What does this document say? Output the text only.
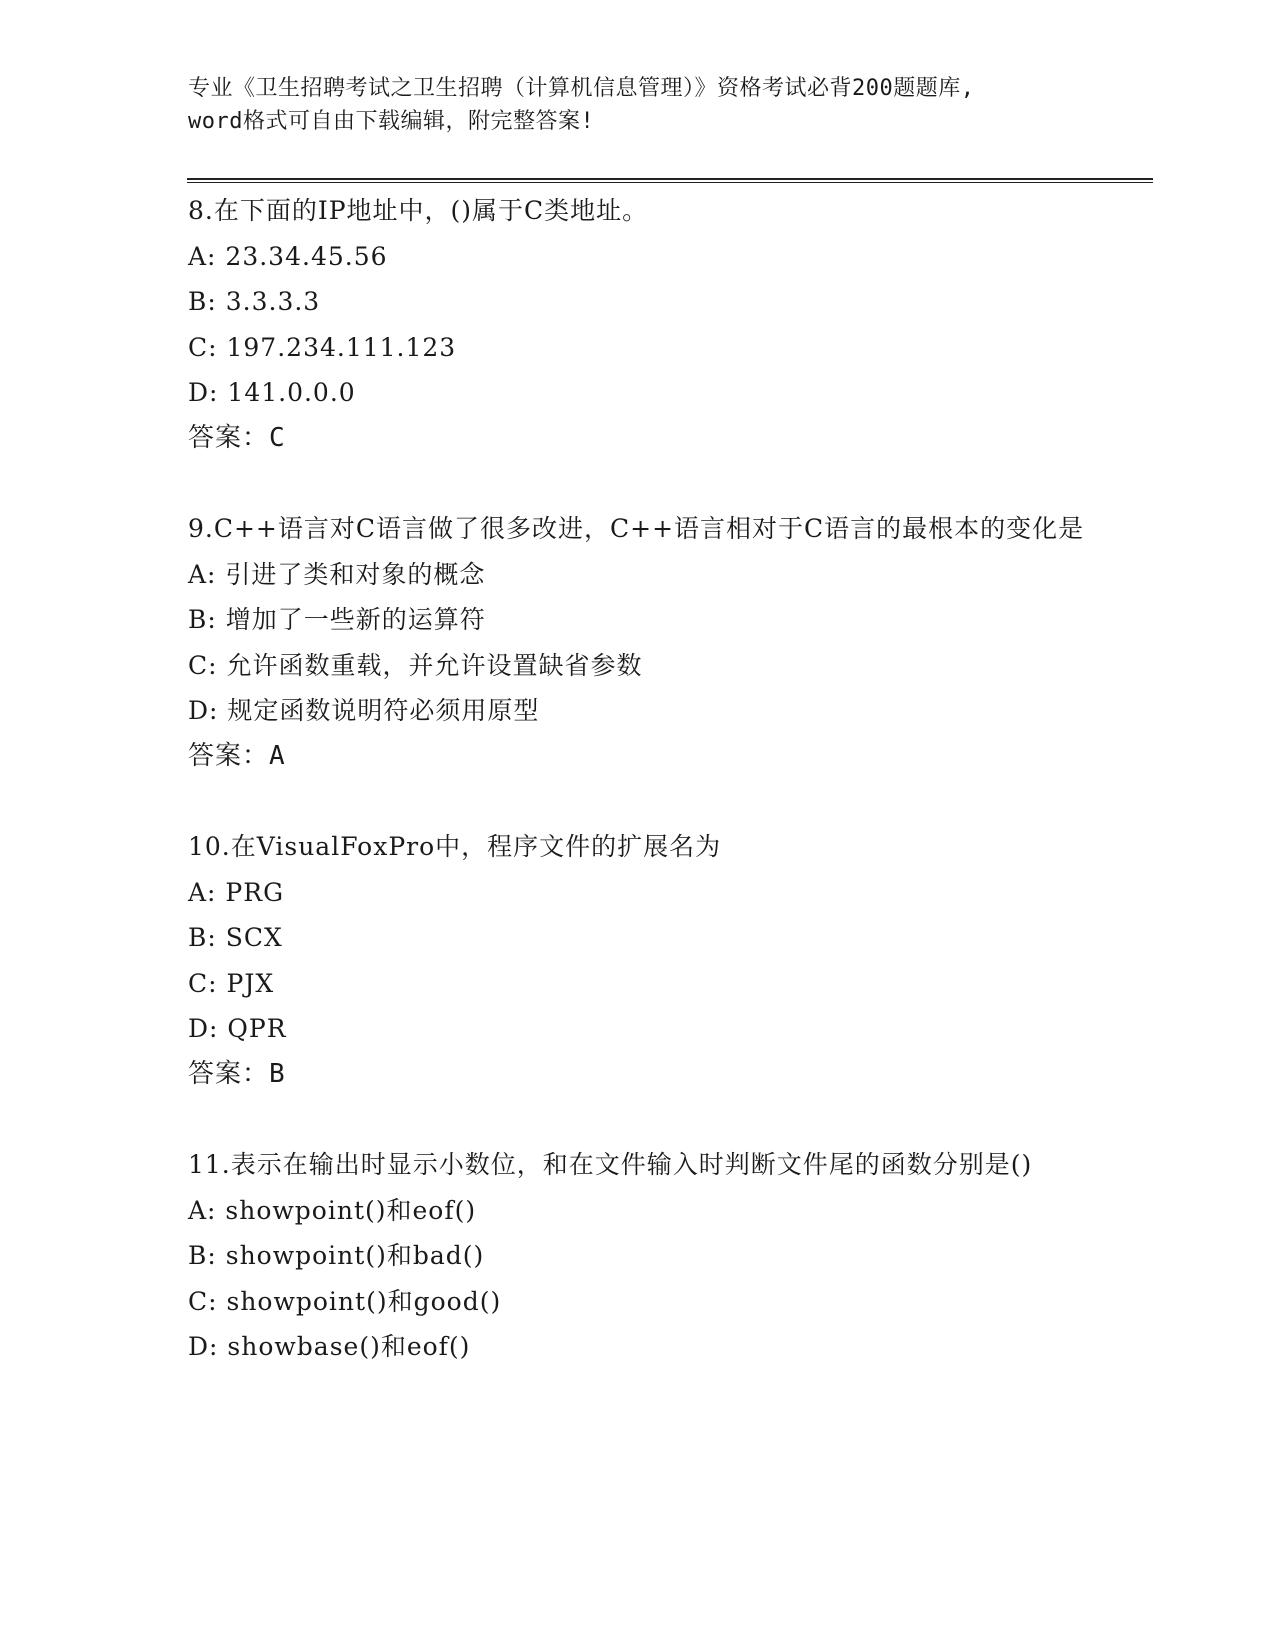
专业《卫生招聘考试之卫生招聘（计算机信息管理）》资格考试必背200题题库,

word格式可自由下载编辑，附完整答案!

8.在下面的IP地址中，()属于C类地址。

A: 23.34.45.56

B: 3.3.3.3

C: 197.234.111.123

D: 141.0.0.0

答案：C

9.C++语言对C语言做了很多改进，C++语言相对于C语言的最根本的变化是

A: 引进了类和对象的概念

B: 增加了一些新的运算符

C: 允许函数重载，并允许设置缺省参数

D: 规定函数说明符必须用原型

答案：A

10.在VisualFoxPro中，程序文件的扩展名为

A: PRG

B: SCX

C: PJX

D: QPR

答案：B

11.表示在输出时显示小数位，和在文件输入时判断文件尾的函数分别是()

A: showpoint()和eof()

B: showpoint()和bad()

C: showpoint()和good()

D: showbase()和eof()
